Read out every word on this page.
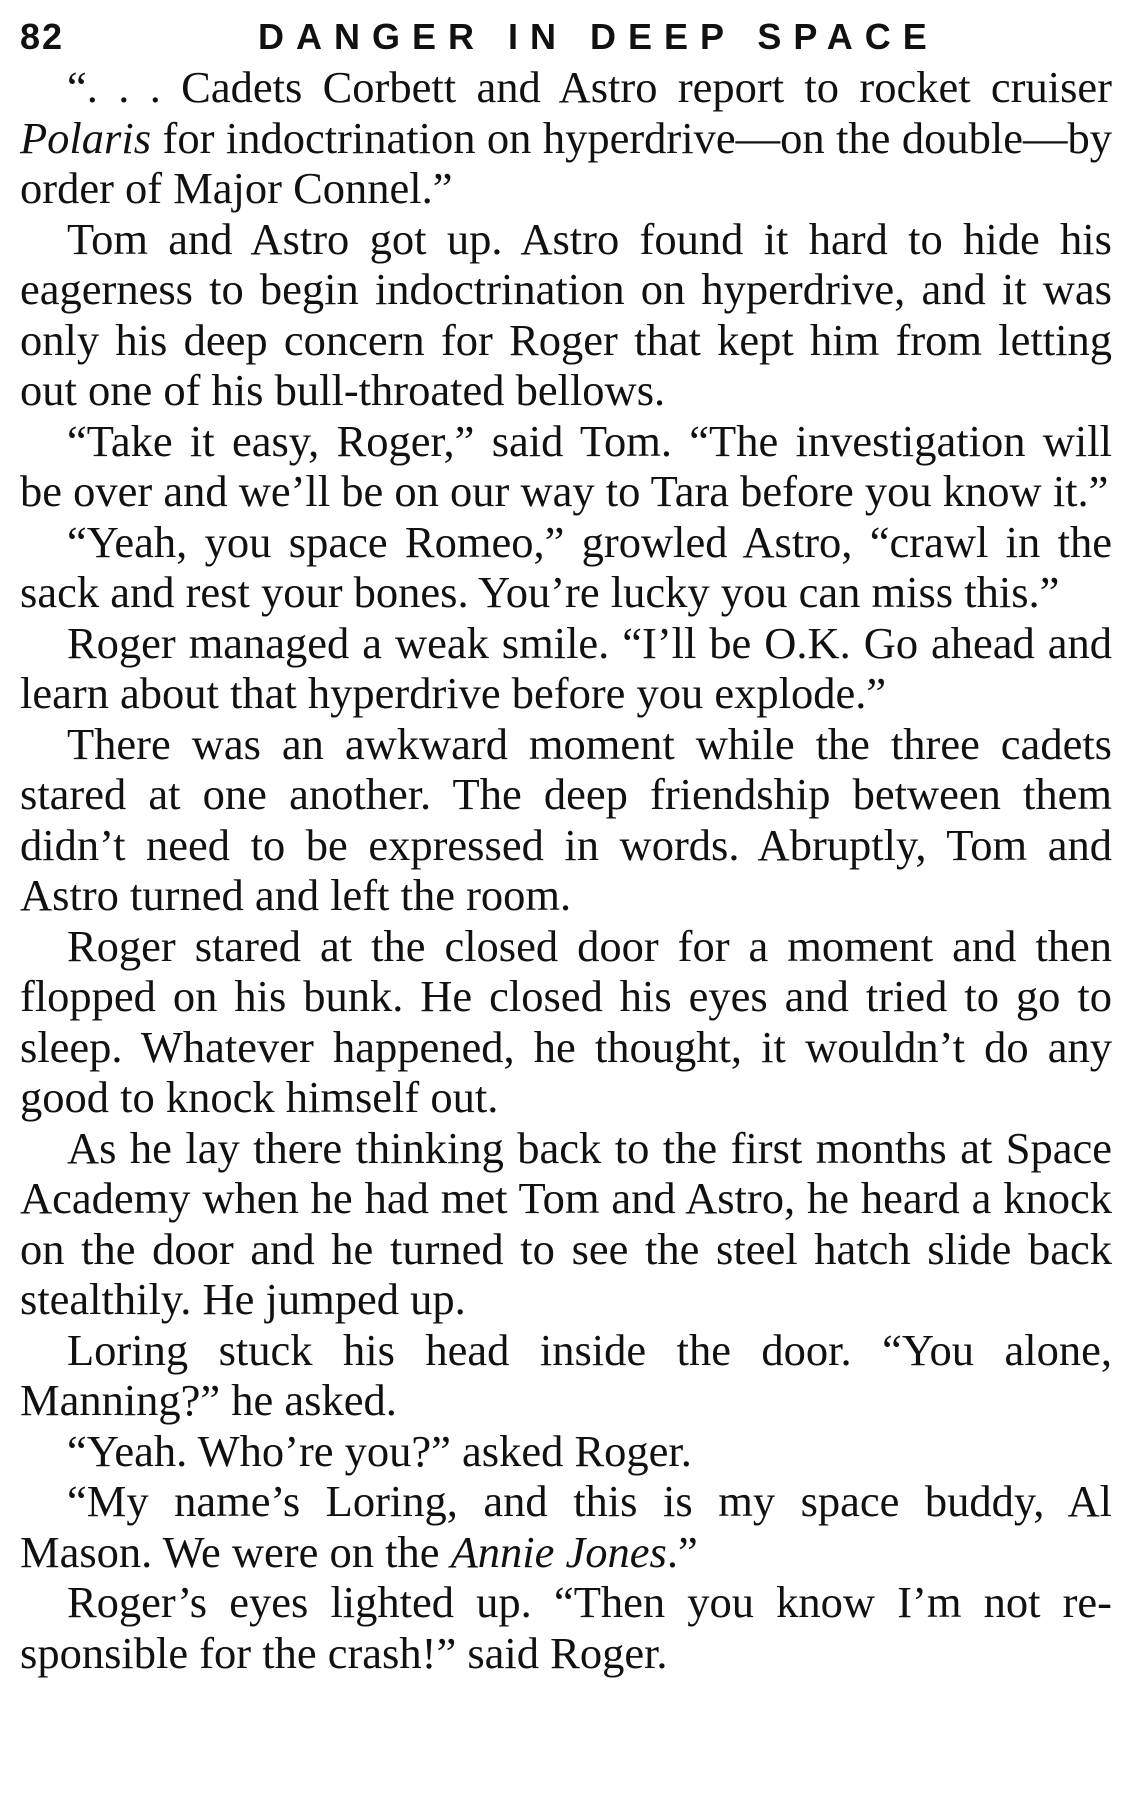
82	DANGER IN DEEP SPACE

“. . . Cadets Corbett and Astro report to rocket cruiser Polaris for indoctrination on hyperdrive—on the double—by order of Major Connel.”

Tom and Astro got up. Astro found it hard to hide his eagerness to begin indoctrination on hyperdrive, and it was only his deep concern for Roger that kept him from letting out one of his bull-throated bellows.

“Take it easy, Roger,” said Tom. “The investigation will be over and we’ll be on our way to Tara before you know it.”

“Yeah, you space Romeo,” growled Astro, “crawl in the sack and rest your bones. You’re lucky you can miss this.”

Roger managed a weak smile. “I’ll be O.K. Go ahead and learn about that hyperdrive before you explode.”

There was an awkward moment while the three cadets stared at one another. The deep friendship between them didn’t need to be expressed in words. Abruptly, Tom and Astro turned and left the room.

Roger stared at the closed door for a moment and then flopped on his bunk. He closed his eyes and tried to go to sleep. Whatever happened, he thought, it wouldn’t do any good to knock himself out.

As he lay there thinking back to the first months at Space Academy when he had met Tom and Astro, he heard a knock on the door and he turned to see the steel hatch slide back stealthily. He jumped up.

Loring stuck his head inside the door. “You alone, Manning?” he asked.

“Yeah. Who’re you?” asked Roger.

“My name’s Loring, and this is my space buddy, Al Mason. We were on the Annie Jones.”

Roger’s eyes lighted up. “Then you know I’m not re-sponsible for the crash!” said Roger.
